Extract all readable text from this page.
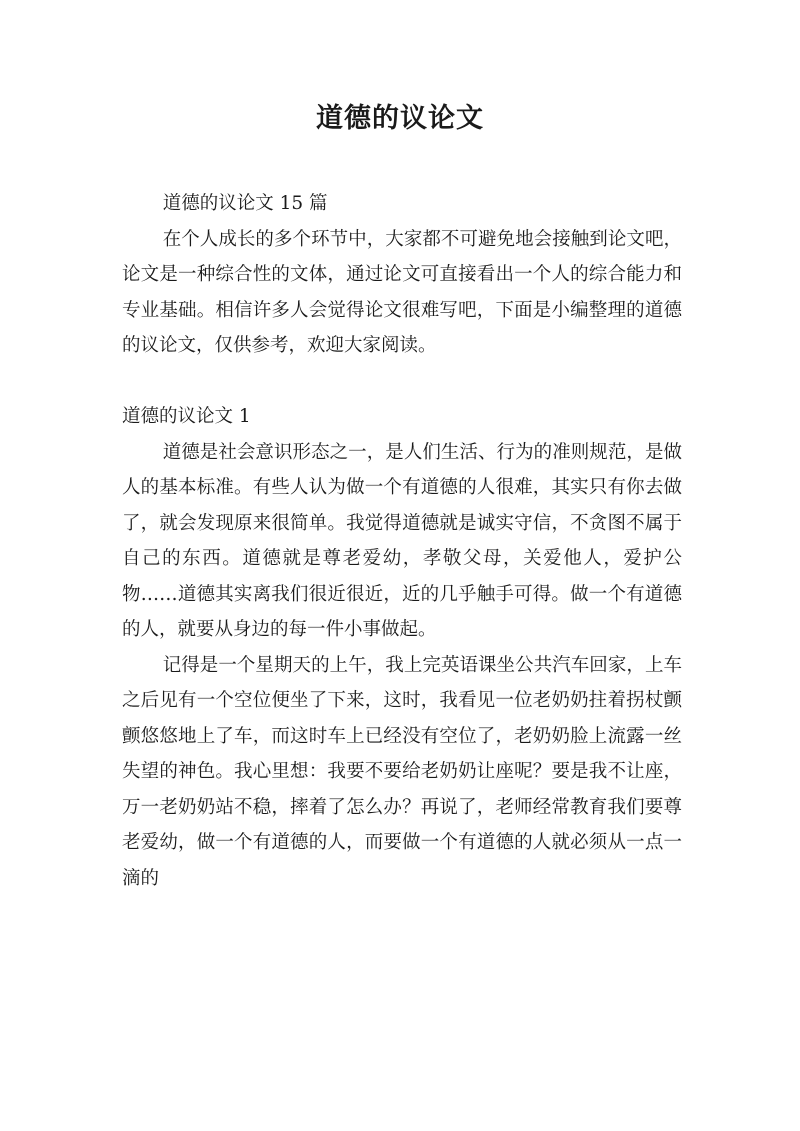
道德的议论文

道德的议论文 15 篇

在个人成长的多个环节中，大家都不可避免地会接触到论文吧，论文是一种综合性的文体，通过论文可直接看出一个人的综合能力和专业基础。相信许多人会觉得论文很难写吧，下面是小编整理的道德的议论文，仅供参考，欢迎大家阅读。

道德的议论文 1

道德是社会意识形态之一，是人们生活、行为的准则规范，是做人的基本标准。有些人认为做一个有道德的人很难，其实只有你去做了，就会发现原来很简单。我觉得道德就是诚实守信，不贪图不属于自己的东西。道德就是尊老爱幼，孝敬父母，关爱他人，爱护公物……道德其实离我们很近很近，近的几乎触手可得。做一个有道德的人，就要从身边的每一件小事做起。

记得是一个星期天的上午，我上完英语课坐公共汽车回家，上车之后见有一个空位便坐了下来，这时，我看见一位老奶奶拄着拐杖颤颤悠悠地上了车，而这时车上已经没有空位了，老奶奶脸上流露一丝失望的神色。我心里想：我要不要给老奶奶让座呢？要是我不让座，万一老奶奶站不稳，摔着了怎么办？再说了，老师经常教育我们要尊老爱幼，做一个有道德的人，而要做一个有道德的人就必须从一点一滴的
